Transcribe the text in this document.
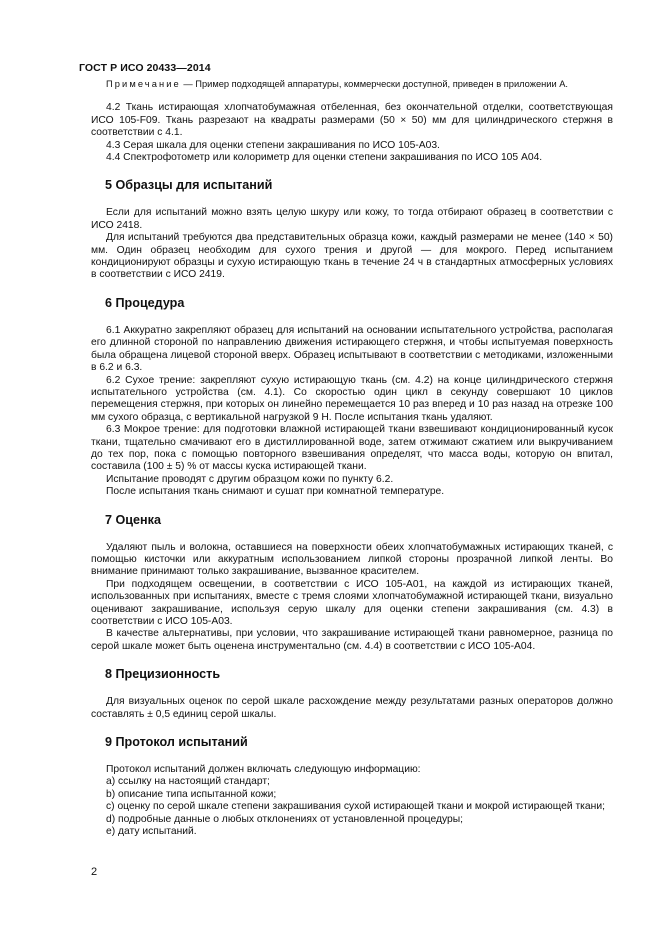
ГОСТ Р ИСО 20433—2014

Примечание — Пример подходящей аппаратуры, коммерчески доступной, приведен в приложении А.

4.2 Ткань истирающая хлопчатобумажная отбеленная, без окончательной отделки, соответствующая ИСО 105-F09. Ткань разрезают на квадраты размерами (50 × 50) мм для цилиндрического стержня в соответствии с 4.1.

4.3 Серая шкала для оценки степени закрашивания по ИСО 105-А03.

4.4 Спектрофотометр или колориметр для оценки степени закрашивания по ИСО 105 А04.

5 Образцы для испытаний

Если для испытаний можно взять целую шкуру или кожу, то тогда отбирают образец в соответствии с ИСО 2418.

Для испытаний требуются два представительных образца кожи, каждый размерами не менее (140 × 50) мм. Один образец необходим для сухого трения и другой — для мокрого. Перед испытанием кондиционируют образцы и сухую истирающую ткань в течение 24 ч в стандартных атмосферных условиях в соответствии с ИСО 2419.

6 Процедура

6.1 Аккуратно закрепляют образец для испытаний на основании испытательного устройства, располагая его длинной стороной по направлению движения истирающего стержня, и чтобы испытуемая поверхность была обращена лицевой стороной вверх. Образец испытывают в соответствии с методиками, изложенными в 6.2 и 6.3.

6.2 Сухое трение: закрепляют сухую истирающую ткань (см. 4.2) на конце цилиндрического стержня испытательного устройства (см. 4.1). Со скоростью один цикл в секунду совершают 10 циклов перемещения стержня, при которых он линейно перемещается 10 раз вперед и 10 раз назад на отрезке 100 мм сухого образца, с вертикальной нагрузкой 9 Н. После испытания ткань удаляют.

6.3 Мокрое трение: для подготовки влажной истирающей ткани взвешивают кондиционированный кусок ткани, тщательно смачивают его в дистиллированной воде, затем отжимают сжатием или выкручиванием до тех пор, пока с помощью повторного взвешивания определят, что масса воды, которую он впитал, составила (100 ± 5) % от массы куска истирающей ткани.

Испытание проводят с другим образцом кожи по пункту 6.2.

После испытания ткань снимают и сушат при комнатной температуре.

7 Оценка

Удаляют пыль и волокна, оставшиеся на поверхности обеих хлопчатобумажных истирающих тканей, с помощью кисточки или аккуратным использованием липкой стороны прозрачной липкой ленты. Во внимание принимают только закрашивание, вызванное красителем.

При подходящем освещении, в соответствии с ИСО 105-А01, на каждой из истирающих тканей, использованных при испытаниях, вместе с тремя слоями хлопчатобумажной истирающей ткани, визуально оценивают закрашивание, используя серую шкалу для оценки степени закрашивания (см. 4.3) в соответствии с ИСО 105-А03.

В качестве альтернативы, при условии, что закрашивание истирающей ткани равномерное, разница по серой шкале может быть оценена инструментально (см. 4.4) в соответствии с ИСО 105-А04.

8 Прецизионность

Для визуальных оценок по серой шкале расхождение между результатами разных операторов должно составлять ± 0,5 единиц серой шкалы.

9 Протокол испытаний

Протокол испытаний должен включать следующую информацию:

а) ссылку на настоящий стандарт;

b) описание типа испытанной кожи;

c) оценку по серой шкале степени закрашивания сухой истирающей ткани и мокрой истирающей ткани;

d) подробные данные о любых отклонениях от установленной процедуры;

e) дату испытаний.

2
